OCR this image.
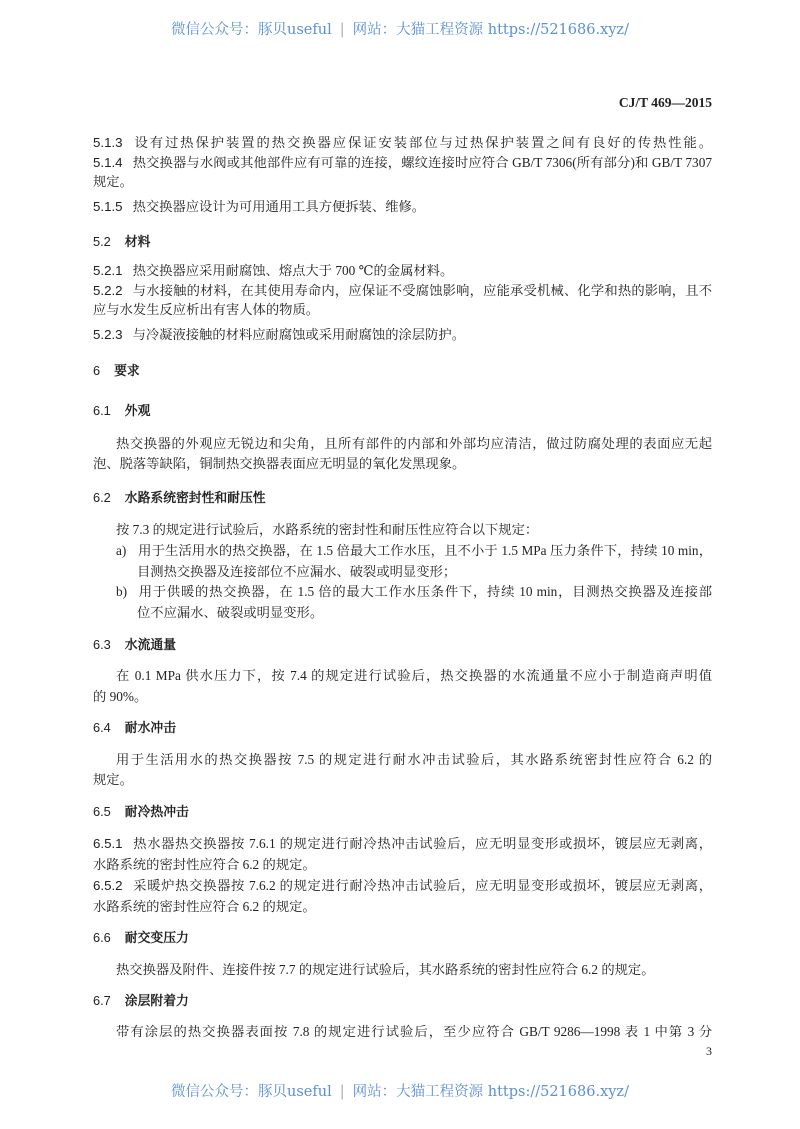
微信公众号：豚贝useful | 网站：大猫工程资源 https://521686.xyz/
CJ/T 469—2015
5.1.3 设有过热保护装置的热交换器应保证安装部位与过热保护装置之间有良好的传热性能。
5.1.4 热交换器与水阀或其他部件应有可靠的连接，螺纹连接时应符合 GB/T 7306(所有部分)和 GB/T 7307
规定。
5.1.5 热交换器应设计为可用通用工具方便拆装、维修。
5.2 材料
5.2.1 热交换器应采用耐腐蚀、熔点大于 700 ℃的金属材料。
5.2.2 与水接触的材料，在其使用寿命内，应保证不受腐蚀影响，应能承受机械、化学和热的影响，且不
应与水发生反应析出有害人体的物质。
5.2.3 与冷凝液接触的材料应耐腐蚀或采用耐腐蚀的涂层防护。
6 要求
6.1 外观
热交换器的外观应无锐边和尖角，且所有部件的内部和外部均应清洁，做过防腐处理的表面应无起
泡、脱落等缺陷，铜制热交换器表面应无明显的氧化发黑现象。
6.2 水路系统密封性和耐压性
按 7.3 的规定进行试验后，水路系统的密封性和耐压性应符合以下规定：
a) 用于生活用水的热交换器，在 1.5 倍最大工作水压，且不小于 1.5 MPa 压力条件下，持续 10 min，
目测热交换器及连接部位不应漏水、破裂或明显变形；
b) 用于供暖的热交换器，在 1.5 倍的最大工作水压条件下，持续 10 min，目测热交换器及连接部
位不应漏水、破裂或明显变形。
6.3 水流通量
在 0.1 MPa 供水压力下，按 7.4 的规定进行试验后，热交换器的水流通量不应小于制造商声明值
的 90%。
6.4 耐水冲击
用于生活用水的热交换器按 7.5 的规定进行耐水冲击试验后，其水路系统密封性应符合 6.2 的
规定。
6.5 耐冷热冲击
6.5.1 热水器热交换器按 7.6.1 的规定进行耐冷热冲击试验后，应无明显变形或损坏，镀层应无剥离，
水路系统的密封性应符合 6.2 的规定。
6.5.2 采暖炉热交换器按 7.6.2 的规定进行耐冷热冲击试验后，应无明显变形或损坏，镀层应无剥离，
水路系统的密封性应符合 6.2 的规定。
6.6 耐交变压力
热交换器及附件、连接件按 7.7 的规定进行试验后，其水路系统的密封性应符合 6.2 的规定。
6.7 涂层附着力
带有涂层的热交换器表面按 7.8 的规定进行试验后，至少应符合 GB/T 9286—1998 表 1 中第 3 分
3
微信公众号：豚贝useful | 网站：大猫工程资源 https://521686.xyz/
